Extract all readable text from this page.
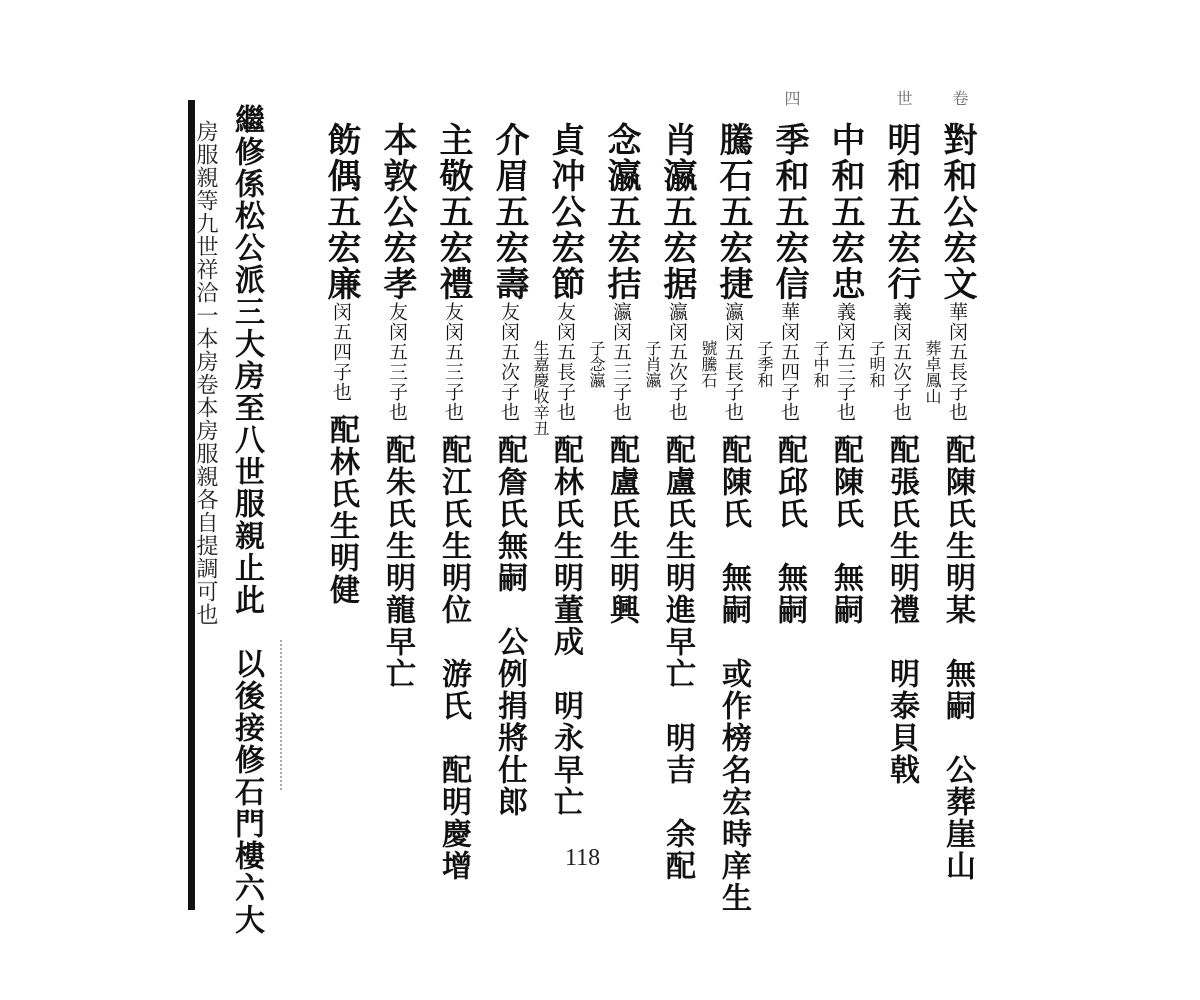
繼修係松公派三大房至八世服親止此　以後接修石門樓六大
房服親等九世祥洽一本房卷本房服親各自提調可也
卷
對和公宏文華闵五長子也配陳氏生明某　無嗣　公葬崖山
葬卓鳳山
世
明和五宏行義闵五次子也配張氏生明禮　明泰貝戟
子明和
中和五宏忠義闵五三子也配陳氏　無嗣
子中和
四
季和五宏信華闵五四子也配邱氏　無嗣
子季和
騰石五宏捷瀛闵五長子也配陳氏　無嗣　或作榜名宏時庠生
號騰石
肖瀛五宏据瀛闵五次子也配盧氏生明進早亡　明吉　余配
子肖瀛
念瀛五宏拮瀛闵五三子也配盧氏生明興
子念瀛
貞冲公宏節友闵五長子也配林氏生明董成　明永早亡
生嘉慶收辛丑
介眉五宏壽友闵五次子也配詹氏無嗣　公例捐將仕郎
主敬五宏禮友闵五三子也配江氏生明位　游氏　配明慶增
本敦公宏孝友闵五三子也配朱氏生明龍早亡
飭偶五宏廉闵五四子也配林氏生明健
118
